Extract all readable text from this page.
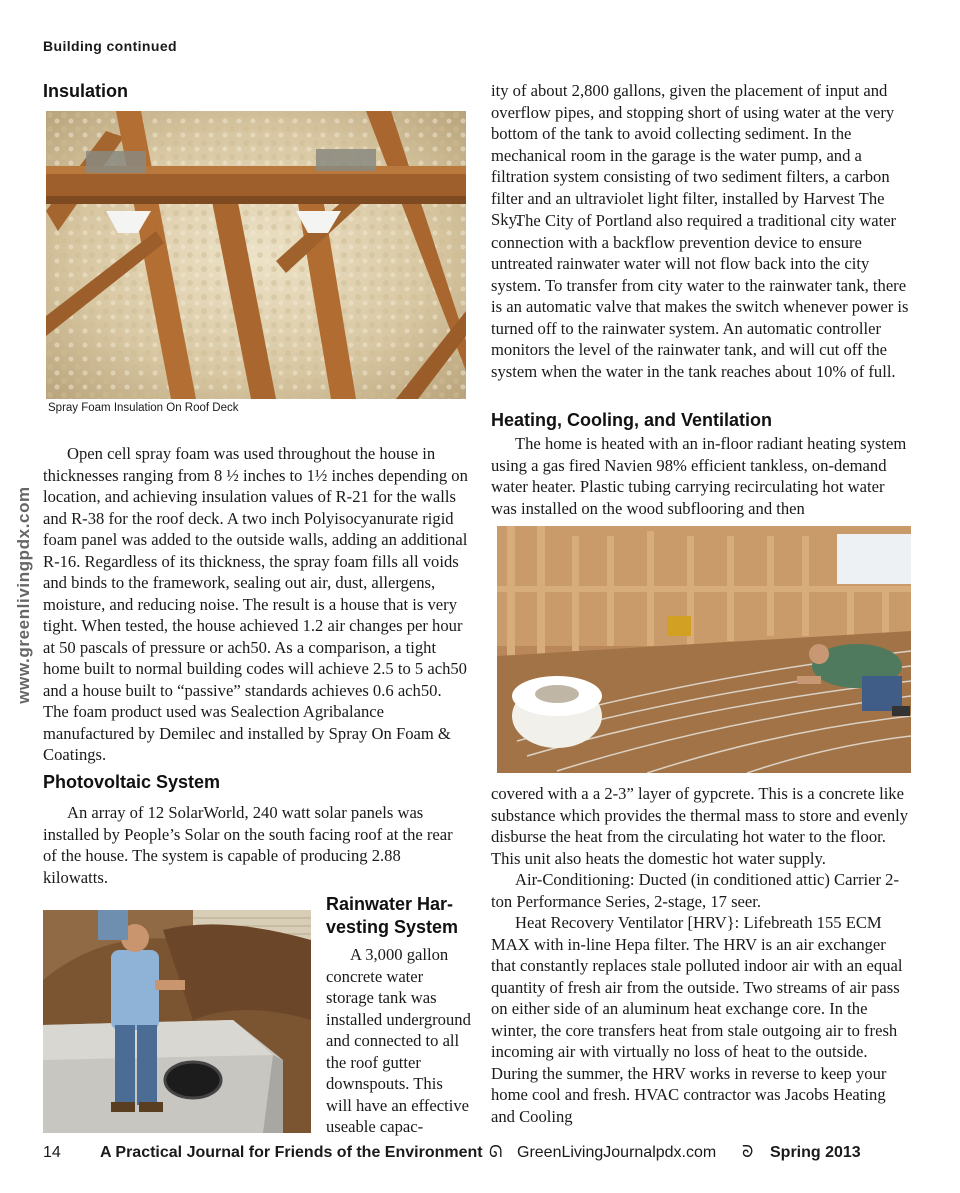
Building continued
www.greenlivingpdx.com
Insulation
Spray Foam Insulation On Roof Deck

Open cell spray foam was used throughout the house in thicknesses ranging from 8 ½ inches to 1½ inches depending on location, and achieving insulation values of R-21 for the walls and R-38 for the roof deck. A two inch Polyisocyanurate rigid foam panel was added to the outside walls, adding an additional R-16. Regardless of its thickness, the spray foam fills all voids and binds to the framework, sealing out air, dust, allergens, moisture, and reducing noise. The result is a house that is very tight. When tested, the house achieved 1.2 air changes per hour at 50 pascals of pressure or ach50. As a comparison, a tight home built to normal building codes will achieve 2.5 to 5 ach50 and a house built to “passive” standards achieves 0.6 ach50. The foam product used was Sealection Agribalance manufactured by Demilec and installed by Spray On Foam & Coatings.

Photovoltaic System

An array of 12 SolarWorld, 240 watt solar panels was installed by People’s Solar on the south facing roof at the rear of the house. The system is capable of producing 2.88 kilowatts.

Rainwater Har-
vesting System

A 3,000 gallon concrete water storage tank was installed underground and connected to all the roof gutter downspouts. This will have an effective useable capac-

ity of about 2,800 gallons, given the placement of input and overflow pipes, and stopping short of using water at the very bottom of the tank to avoid collecting sediment. In the mechanical room in the garage is the water pump, and a filtration system consisting of two sediment filters, a carbon filter and an ultraviolet light filter, installed by Harvest The Sky.

The City of Portland also required a traditional city water connection with a backflow prevention device to ensure untreated rainwater water will not flow back into the city system. To transfer from city water to the rainwater tank, there is an automatic valve that makes the switch whenever power is turned off to the rainwater system. An automatic controller monitors the level of the rainwater tank, and will cut off the system when the water in the tank reaches about 10% of full.

Heating, Cooling, and Ventilation

The home is heated with an in-floor radiant heating system using a gas fired Navien 98% efficient tankless, on-demand water heater. Plastic tubing carrying recirculating hot water was installed on the wood subflooring and then

covered with a a 2-3” layer of gypcrete. This is a concrete like substance which provides the thermal mass to store and evenly disburse the heat from the circulating hot water to the floor. This unit also heats the domestic hot water supply.

Air-Conditioning: Ducted (in conditioned attic) Carrier 2-ton Performance Series, 2-stage, 17 seer.

Heat Recovery Ventilator [HRV}: Lifebreath 155 ECM MAX with in-line Hepa filter. The HRV is an air exchanger that constantly replaces stale polluted indoor air with an equal quantity of fresh air from the outside. Two streams of air pass on either side of an aluminum heat exchange core. In the winter, the core transfers heat from stale outgoing air to fresh incoming air with virtually no loss of heat to the outside. During the summer, the HRV works in reverse to keep your home cool and fresh. HVAC contractor was Jacobs Heating and Cooling

14 A Practical Journal for Friends of the Environment ᘏ GreenLivingJournalpdx.com ᘐ Spring 2013
